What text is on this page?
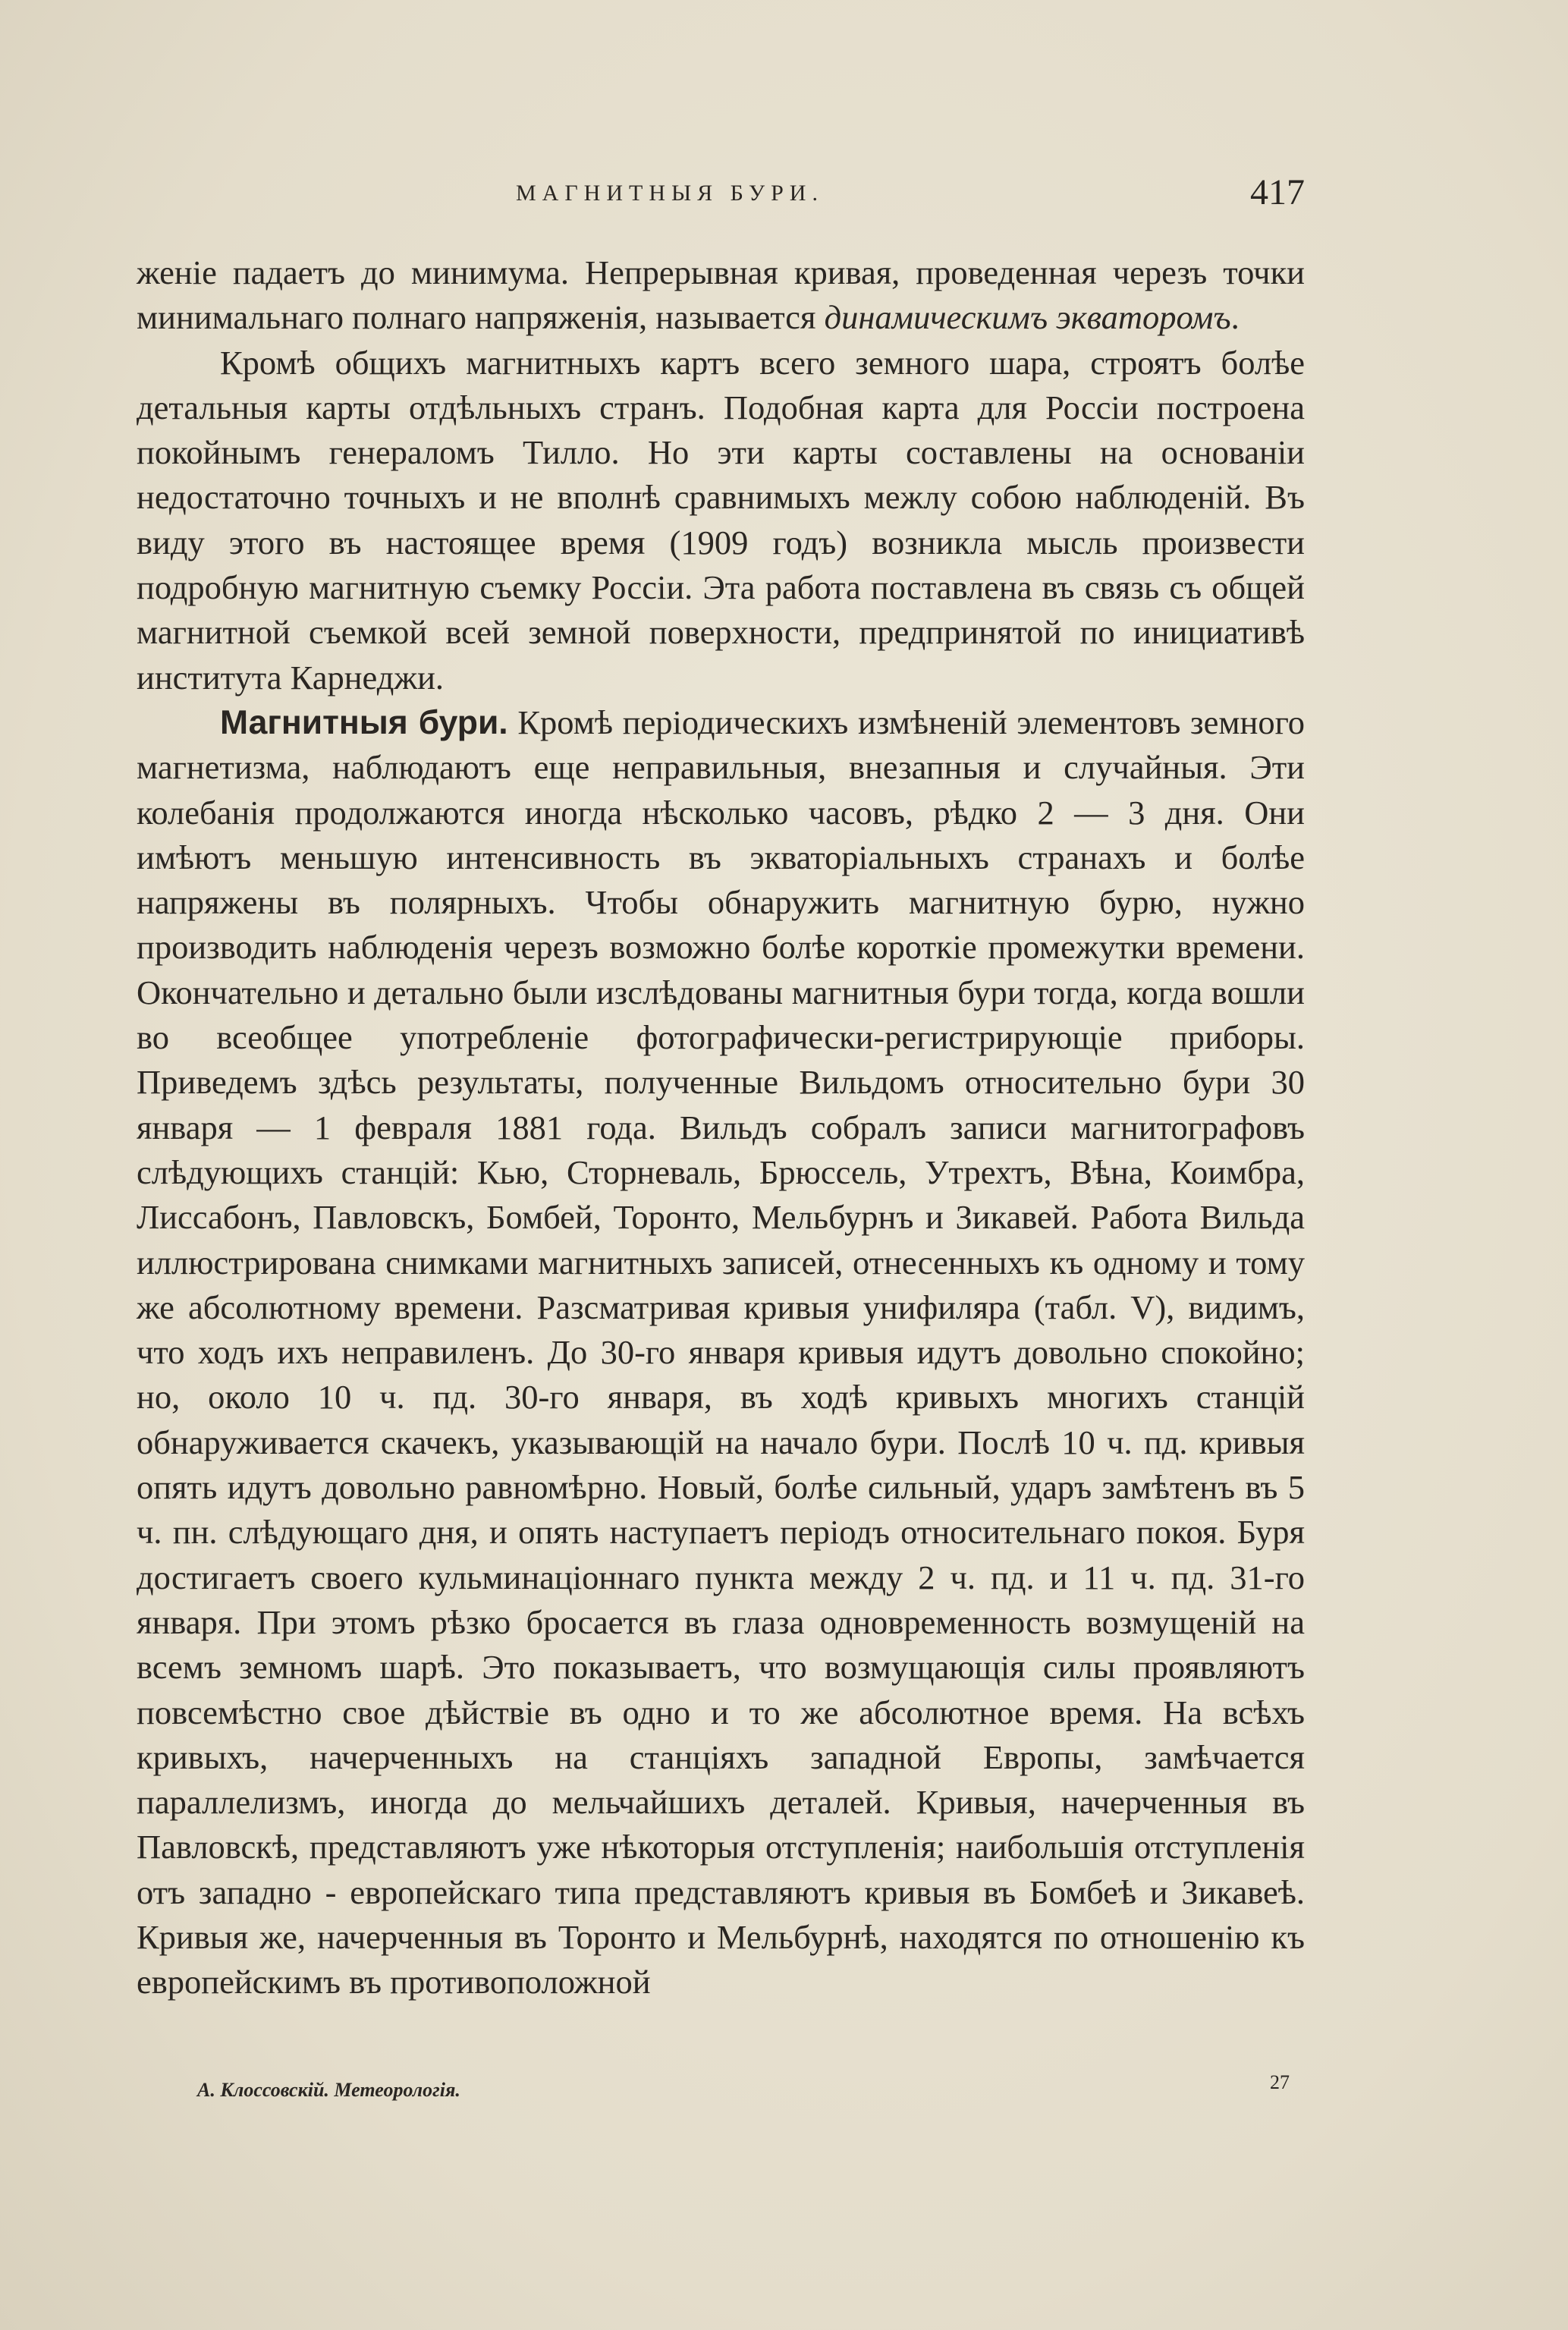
МАГНИТНЫЯ БУРИ.	417

женіе падаетъ до минимума. Непрерывная кривая, проведенная черезъ точки минимальнаго полнаго напряженія, называется динамическимъ экваторомъ.

Кромѣ общихъ магнитныхъ картъ всего земного шара, строятъ болѣе детальныя карты отдѣльныхъ странъ. Подобная карта для Россіи построена покойнымъ генераломъ Тилло. Но эти карты составлены на основаніи недостаточно точныхъ и не вполнѣ сравнимыхъ межлу собою наблюденій. Въ виду этого въ настоящее время (1909 годъ) возникла мысль произвести подробную магнитную съемку Россіи. Эта работа поставлена въ связь съ общей магнитной съемкой всей земной поверхности, предпринятой по инициативѣ института Карнеджи.

Магнитныя бури. Кромѣ періодическихъ измѣненій элементовъ земного магнетизма, наблюдаютъ еще неправильныя, внезапныя и случайныя. Эти колебанія продолжаются иногда нѣсколько часовъ, рѣдко 2 — 3 дня. Они имѣютъ меньшую интенсивность въ экваторіальныхъ странахъ и болѣе напряжены въ полярныхъ. Чтобы обнаружить магнитную бурю, нужно производить наблюденія черезъ возможно болѣе короткіе промежутки времени. Окончательно и детально были изслѣдованы магнитныя бури тогда, когда вошли во всеобщее употребленіе фотографически-регистрирующіе приборы. Приведемъ здѣсь результаты, полученные Вильдомъ относительно бури 30 января — 1 февраля 1881 года. Вильдъ собралъ записи магнитографовъ слѣдующихъ станцій: Кью, Сторневаль, Брюссель, Утрехтъ, Вѣна, Коимбра, Лиссабонъ, Павловскъ, Бомбей, Торонто, Мельбурнъ и Зикавей. Работа Вильда иллюстрирована снимками магнитныхъ записей, отнесенныхъ къ одному и тому же абсолютному времени. Разсматривая кривыя унифиляра (табл. V), видимъ, что ходъ ихъ неправиленъ. До 30-го января кривыя идутъ довольно спокойно; но, около 10 ч. пд. 30-го января, въ ходѣ кривыхъ многихъ станцій обнаруживается скачекъ, указывающій на начало бури. Послѣ 10 ч. пд. кривыя опять идутъ довольно равномѣрно. Новый, болѣе сильный, ударъ замѣтенъ въ 5 ч. пн. слѣдующаго дня, и опять наступаетъ періодъ относительнаго покоя. Буря достигаетъ своего кульминаціоннаго пункта между 2 ч. пд. и 11 ч. пд. 31-го января. При этомъ рѣзко бросается въ глаза одновременность возмущеній на всемъ земномъ шарѣ. Это показываетъ, что возмущающія силы проявляютъ повсемѣстно свое дѣйствіе въ одно и то же абсолютное время. На всѣхъ кривыхъ, начерченныхъ на станціяхъ западной Европы, замѣчается параллелизмъ, иногда до мельчайшихъ деталей. Кривыя, начерченныя въ Павловскѣ, представляютъ уже нѣкоторыя отступленія; наибольшія отступленія отъ западно - европейскаго типа представляютъ кривыя въ Бомбеѣ и Зикавеѣ. Кривыя же, начерченныя въ Торонто и Мельбурнѣ, находятся по отношенію къ европейскимъ въ противоположной

А. Клоссовскій. Метеорологія.	27
